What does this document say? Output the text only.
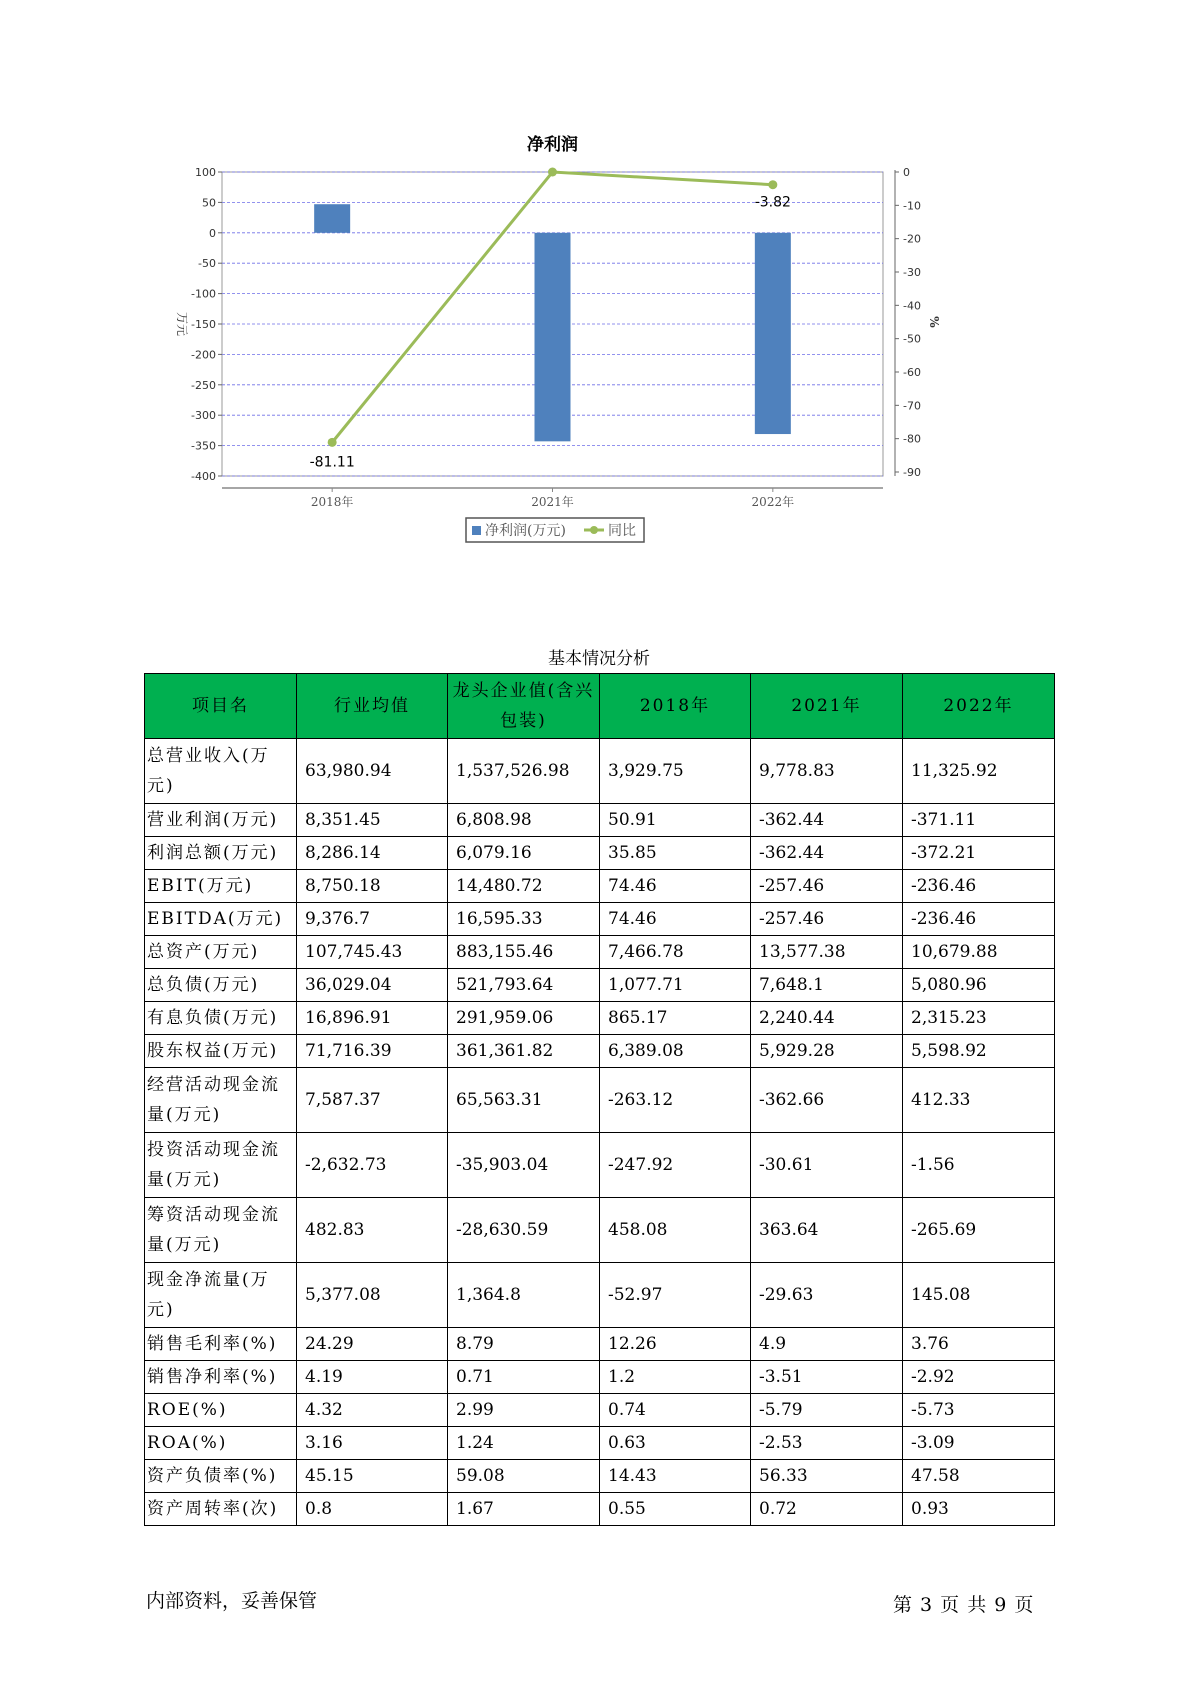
净利润
100
50
0
-50
-100
-150
-200
-250
-300
-350
-400
0
-10
-20
-30
-40
-50
-60
-70
-80
-90
2018年	2021年	2022年
万元	%
-81.11
-3.82
净利润(万元)	同比
基本情况分析
项目名	行业均值	龙头企业值(含兴包装)	2018年	2021年	2022年
总营业收入(万元)	63,980.94	1,537,526.98	3,929.75	9,778.83	11,325.92
营业利润(万元)	8,351.45	6,808.98	50.91	-362.44	-371.11
利润总额(万元)	8,286.14	6,079.16	35.85	-362.44	-372.21
EBIT(万元)	8,750.18	14,480.72	74.46	-257.46	-236.46
EBITDA(万元)	9,376.7	16,595.33	74.46	-257.46	-236.46
总资产(万元)	107,745.43	883,155.46	7,466.78	13,577.38	10,679.88
总负债(万元)	36,029.04	521,793.64	1,077.71	7,648.1	5,080.96
有息负债(万元)	16,896.91	291,959.06	865.17	2,240.44	2,315.23
股东权益(万元)	71,716.39	361,361.82	6,389.08	5,929.28	5,598.92
经营活动现金流量(万元)	7,587.37	65,563.31	-263.12	-362.66	412.33
投资活动现金流量(万元)	-2,632.73	-35,903.04	-247.92	-30.61	-1.56
筹资活动现金流量(万元)	482.83	-28,630.59	458.08	363.64	-265.69
现金净流量(万元)	5,377.08	1,364.8	-52.97	-29.63	145.08
销售毛利率(%)	24.29	8.79	12.26	4.9	3.76
销售净利率(%)	4.19	0.71	1.2	-3.51	-2.92
ROE(%)	4.32	2.99	0.74	-5.79	-5.73
ROA(%)	3.16	1.24	0.63	-2.53	-3.09
资产负债率(%)	45.15	59.08	14.43	56.33	47.58
资产周转率(次)	0.8	1.67	0.55	0.72	0.93
内部资料，妥善保管	第 3 页 共 9 页
